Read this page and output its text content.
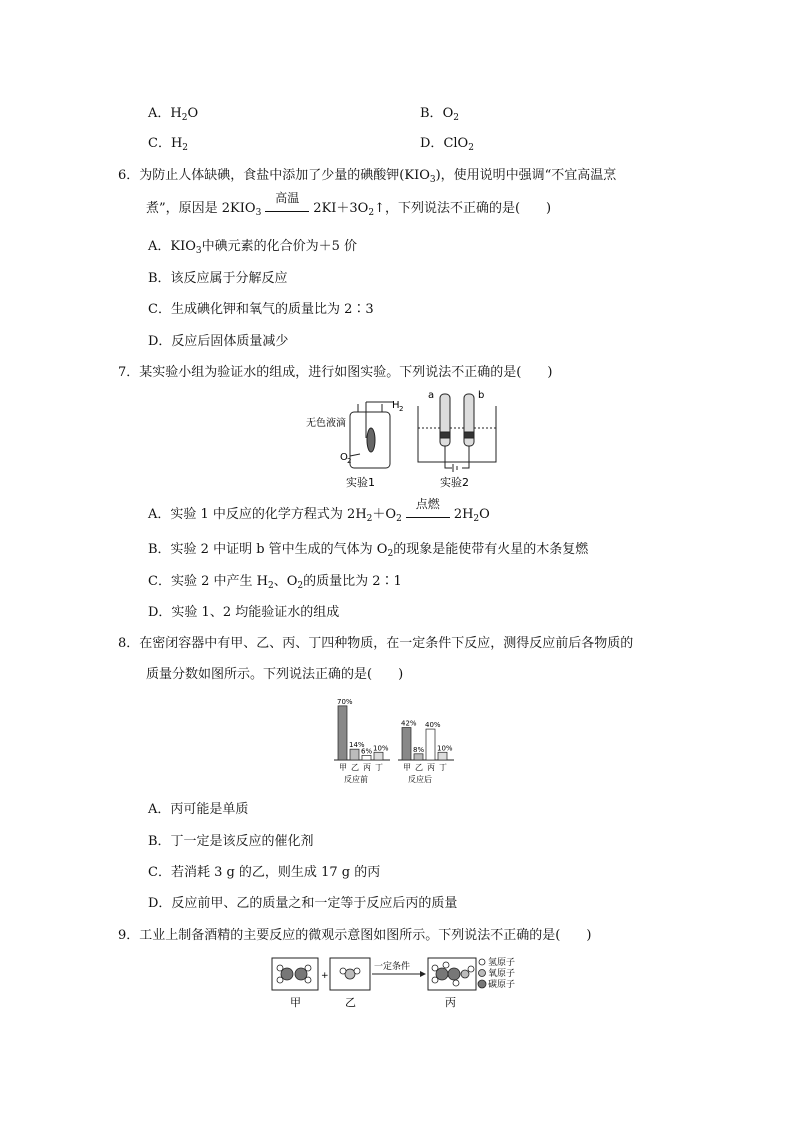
A．$H_2O$	B．$O_2$
C．$H_2$	D．ClO$_2$
6．为防止人体缺碘，食盐中添加了少量的碘酸钾$(KIO_3)$，使用说明中强调“不宜高温烹
煮”，原因是 $2KIO_3$
高温
$2KI+3O_2↑$，下列说法不正确的是(　　)
A．$KIO_3$中碘元素的化合价为＋5 价
B．该反应属于分解反应
C．生成碘化钾和氧气的质量比为 2∶3
D．反应后固体质量减少
7．某实验小组为验证水的组成，进行如图实验。下列说法不正确的是(　　)
H 2
无色液滴
O 2
实验1
a	b
实验2
A．实验 1 中反应的化学方程式为 $2H_2+O_2$
点燃
$2H_2O$
B．实验 2 中证明 b 管中生成的气体为 $O_2$的现象是能使带有火星的木条复燃
C．实验 2 中产生 $H_2$、$O_2$的质量比为 2∶1
D．实验 1、2 均能验证水的组成
8．在密闭容器中有甲、乙、丙、丁四种物质，在一定条件下反应，测得反应前后各物质的
质量分数如图所示。下列说法正确的是(　　)
70%
甲
14%
乙
6%
丙
10%
丁
反应前
42%
甲
8%
乙
40%
丙
10%
丁
反应后
A．丙可能是单质
B．丁一定是该反应的催化剂
C．若消耗 3 g 的乙，则生成 17 g 的丙
D．反应前甲、乙的质量之和一定等于反应后丙的质量
9．工业上制备酒精的主要反应的微观示意图如图所示。下列说法不正确的是(　　)
+
一定条件	氢原子
氧原子
碳原子
甲	乙	丙
